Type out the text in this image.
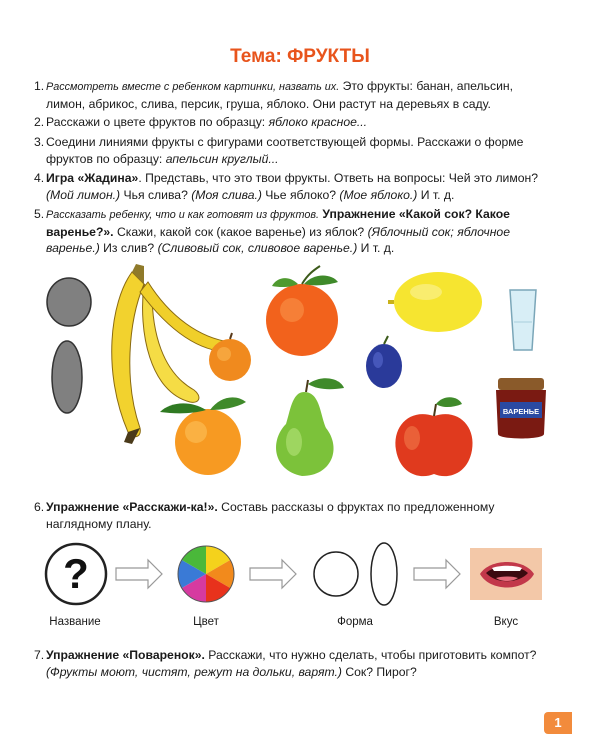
Тема: ФРУКТЫ
1. Рассмотреть вместе с ребенком картинки, назвать их. Это фрукты: банан, апельсин, лимон, абрикос, слива, персик, груша, яблоко. Они растут на деревьях в саду.
2. Расскажи о цвете фруктов по образцу: яблоко красное...
3. Соедини линиями фрукты с фигурами соответствующей формы. Расскажи о форме фруктов по образцу: апельсин круглый...
4. Игра «Жадина». Представь, что это твои фрукты. Ответь на вопросы: Чей это лимон? (Мой лимон.) Чья слива? (Моя слива.) Чье яблоко? (Мое яблоко.) И т. д.
5. Рассказать ребенку, что и как готовят из фруктов. Упражнение «Какой сок? Какое варенье?». Скажи, какой сок (какое варенье) из яблок? (Яблочный сок; яблочное варенье.) Из слив? (Сливовый сок, сливовое варенье.) И т. д.
ВАРЕНЬЕ
6. Упражнение «Расскажи-ка!». Составь рассказы о фруктах по предложенному наглядному плану.
?
Название	Цвет	Форма	Вкус
7. Упражнение «Поваренок». Расскажи, что нужно сделать, чтобы приготовить компот? (Фрукты моют, чистят, режут на дольки, варят.) Сок? Пирог?
1
